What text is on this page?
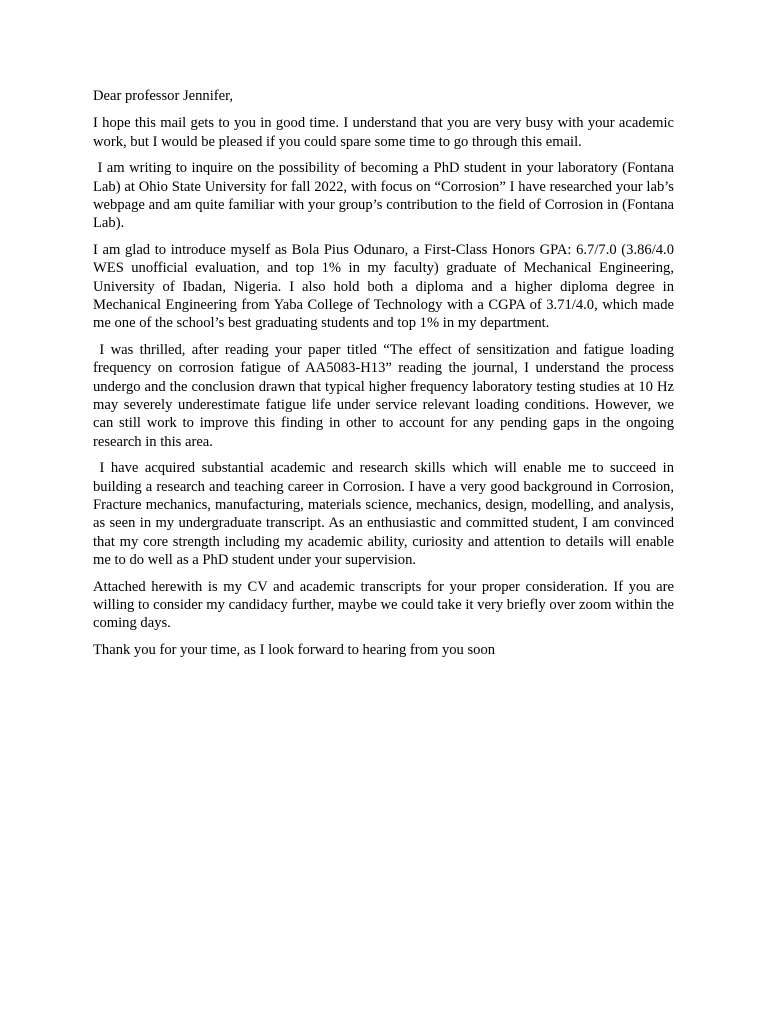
Dear professor Jennifer,

I hope this mail gets to you in good time. I understand that you are very busy with your academic work, but I would be pleased if you could spare some time to go through this email.

I am writing to inquire on the possibility of becoming a PhD student in your laboratory (Fontana Lab) at Ohio State University for fall 2022, with focus on “Corrosion” I have researched your lab’s webpage and am quite familiar with your group’s contribution to the field of Corrosion in (Fontana Lab).

I am glad to introduce myself as Bola Pius Odunaro, a First-Class Honors GPA: 6.7/7.0 (3.86/4.0 WES unofficial evaluation, and top 1% in my faculty) graduate of Mechanical Engineering, University of Ibadan, Nigeria. I also hold both a diploma and a higher diploma degree in Mechanical Engineering from Yaba College of Technology with a CGPA of 3.71/4.0, which made me one of the school’s best graduating students and top 1% in my department.

I was thrilled, after reading your paper titled “The effect of sensitization and fatigue loading frequency on corrosion fatigue of AA5083-H13” reading the journal, I understand the process undergo and the conclusion drawn that typical higher frequency laboratory testing studies at 10 Hz may severely underestimate fatigue life under service relevant loading conditions. However, we can still work to improve this finding in other to account for any pending gaps in the ongoing research in this area.

I have acquired substantial academic and research skills which will enable me to succeed in building a research and teaching career in Corrosion. I have a very good background in Corrosion, Fracture mechanics, manufacturing, materials science, mechanics, design, modelling, and analysis, as seen in my undergraduate transcript. As an enthusiastic and committed student, I am convinced that my core strength including my academic ability, curiosity and attention to details will enable me to do well as a PhD student under your supervision.

Attached herewith is my CV and academic transcripts for your proper consideration. If you are willing to consider my candidacy further, maybe we could take it very briefly over zoom within the coming days.

Thank you for your time, as I look forward to hearing from you soon
